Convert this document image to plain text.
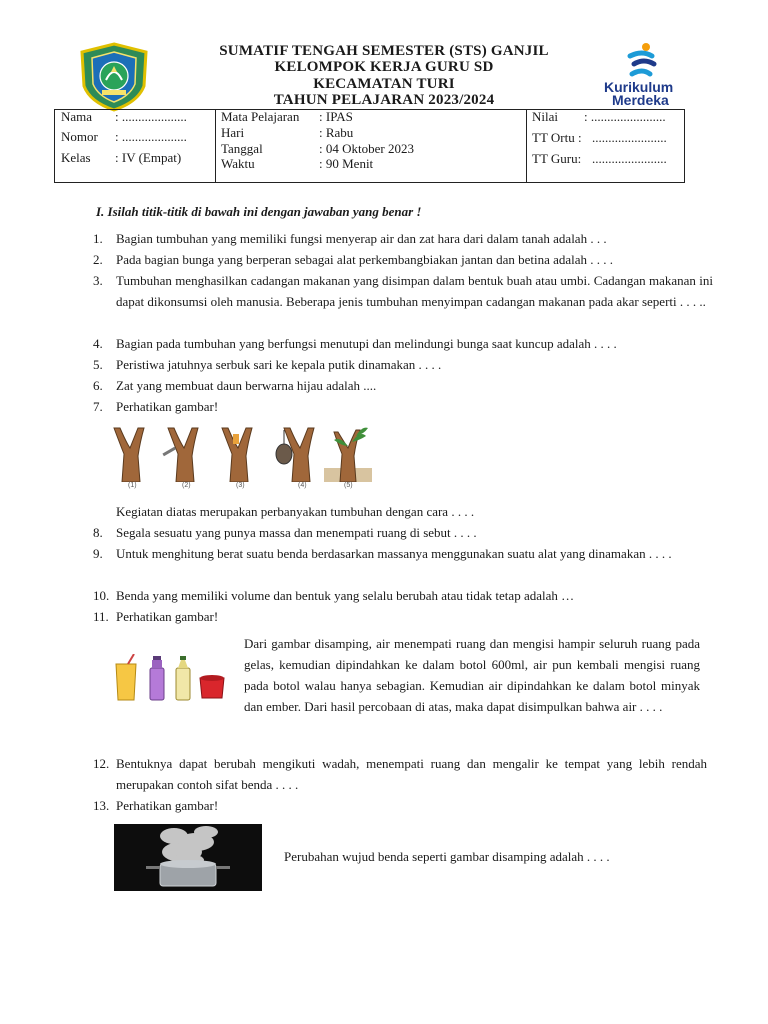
SUMATIF TENGAH SEMESTER (STS) GANJIL
KELOMPOK KERJA GURU SD
KECAMATAN TURI
TAHUN PELAJARAN 2023/2024
Kurikulum
Merdeka
Nama : ....................
Nomor : ....................
Kelas : IV (Empat)
Mata Pelajaran : IPAS
Hari	: Rabu
Tanggal	: 04 Oktober 2023
Waktu	: 90 Menit
Nilai : .......................
TT Ortu : .......................
TT Guru: .......................
I. Isilah titik-titik di bawah ini dengan jawaban yang benar !
1. Bagian tumbuhan yang memiliki fungsi menyerap air dan zat hara dari dalam tanah adalah . . .
2. Pada bagian bunga yang berperan sebagai alat perkembangbiakan jantan dan betina adalah . . . .
3. Tumbuhan menghasilkan cadangan makanan yang disimpan dalam bentuk buah atau umbi. Cadangan makanan ini dapat dikonsumsi oleh manusia. Beberapa jenis tumbuhan menyimpan cadangan makanan pada akar seperti . . . ..
4. Bagian pada tumbuhan yang berfungsi menutupi dan melindungi bunga saat kuncup adalah . . . .
5. Peristiwa jatuhnya serbuk sari ke kepala putik dinamakan . . . .
6. Zat yang membuat daun berwarna hijau adalah ....
7. Perhatikan gambar!
(1)	(2)	(3)	(4)	(5)
Kegiatan diatas merupakan perbanyakan tumbuhan dengan cara . . . .
8. Segala sesuatu yang punya massa dan menempati ruang di sebut . . . .
9. Untuk menghitung berat suatu benda berdasarkan massanya menggunakan suatu alat yang dinamakan . . . .
10. Benda yang memiliki volume dan bentuk yang selalu berubah atau tidak tetap adalah …
11. Perhatikan gambar!
Dari gambar disamping, air menempati ruang dan mengisi hampir seluruh ruang pada gelas, kemudian dipindahkan ke dalam botol 600ml, air pun kembali mengisi ruang pada botol walau hanya sebagian. Kemudian air dipindahkan ke dalam botol minyak dan ember. Dari hasil percobaan di atas, maka dapat disimpulkan bahwa air . . . .
12. Bentuknya dapat berubah mengikuti wadah, menempati ruang dan mengalir ke tempat yang lebih rendah merupakan contoh sifat benda . . . .
13. Perhatikan gambar!
Perubahan wujud benda seperti gambar disamping adalah . . . .
